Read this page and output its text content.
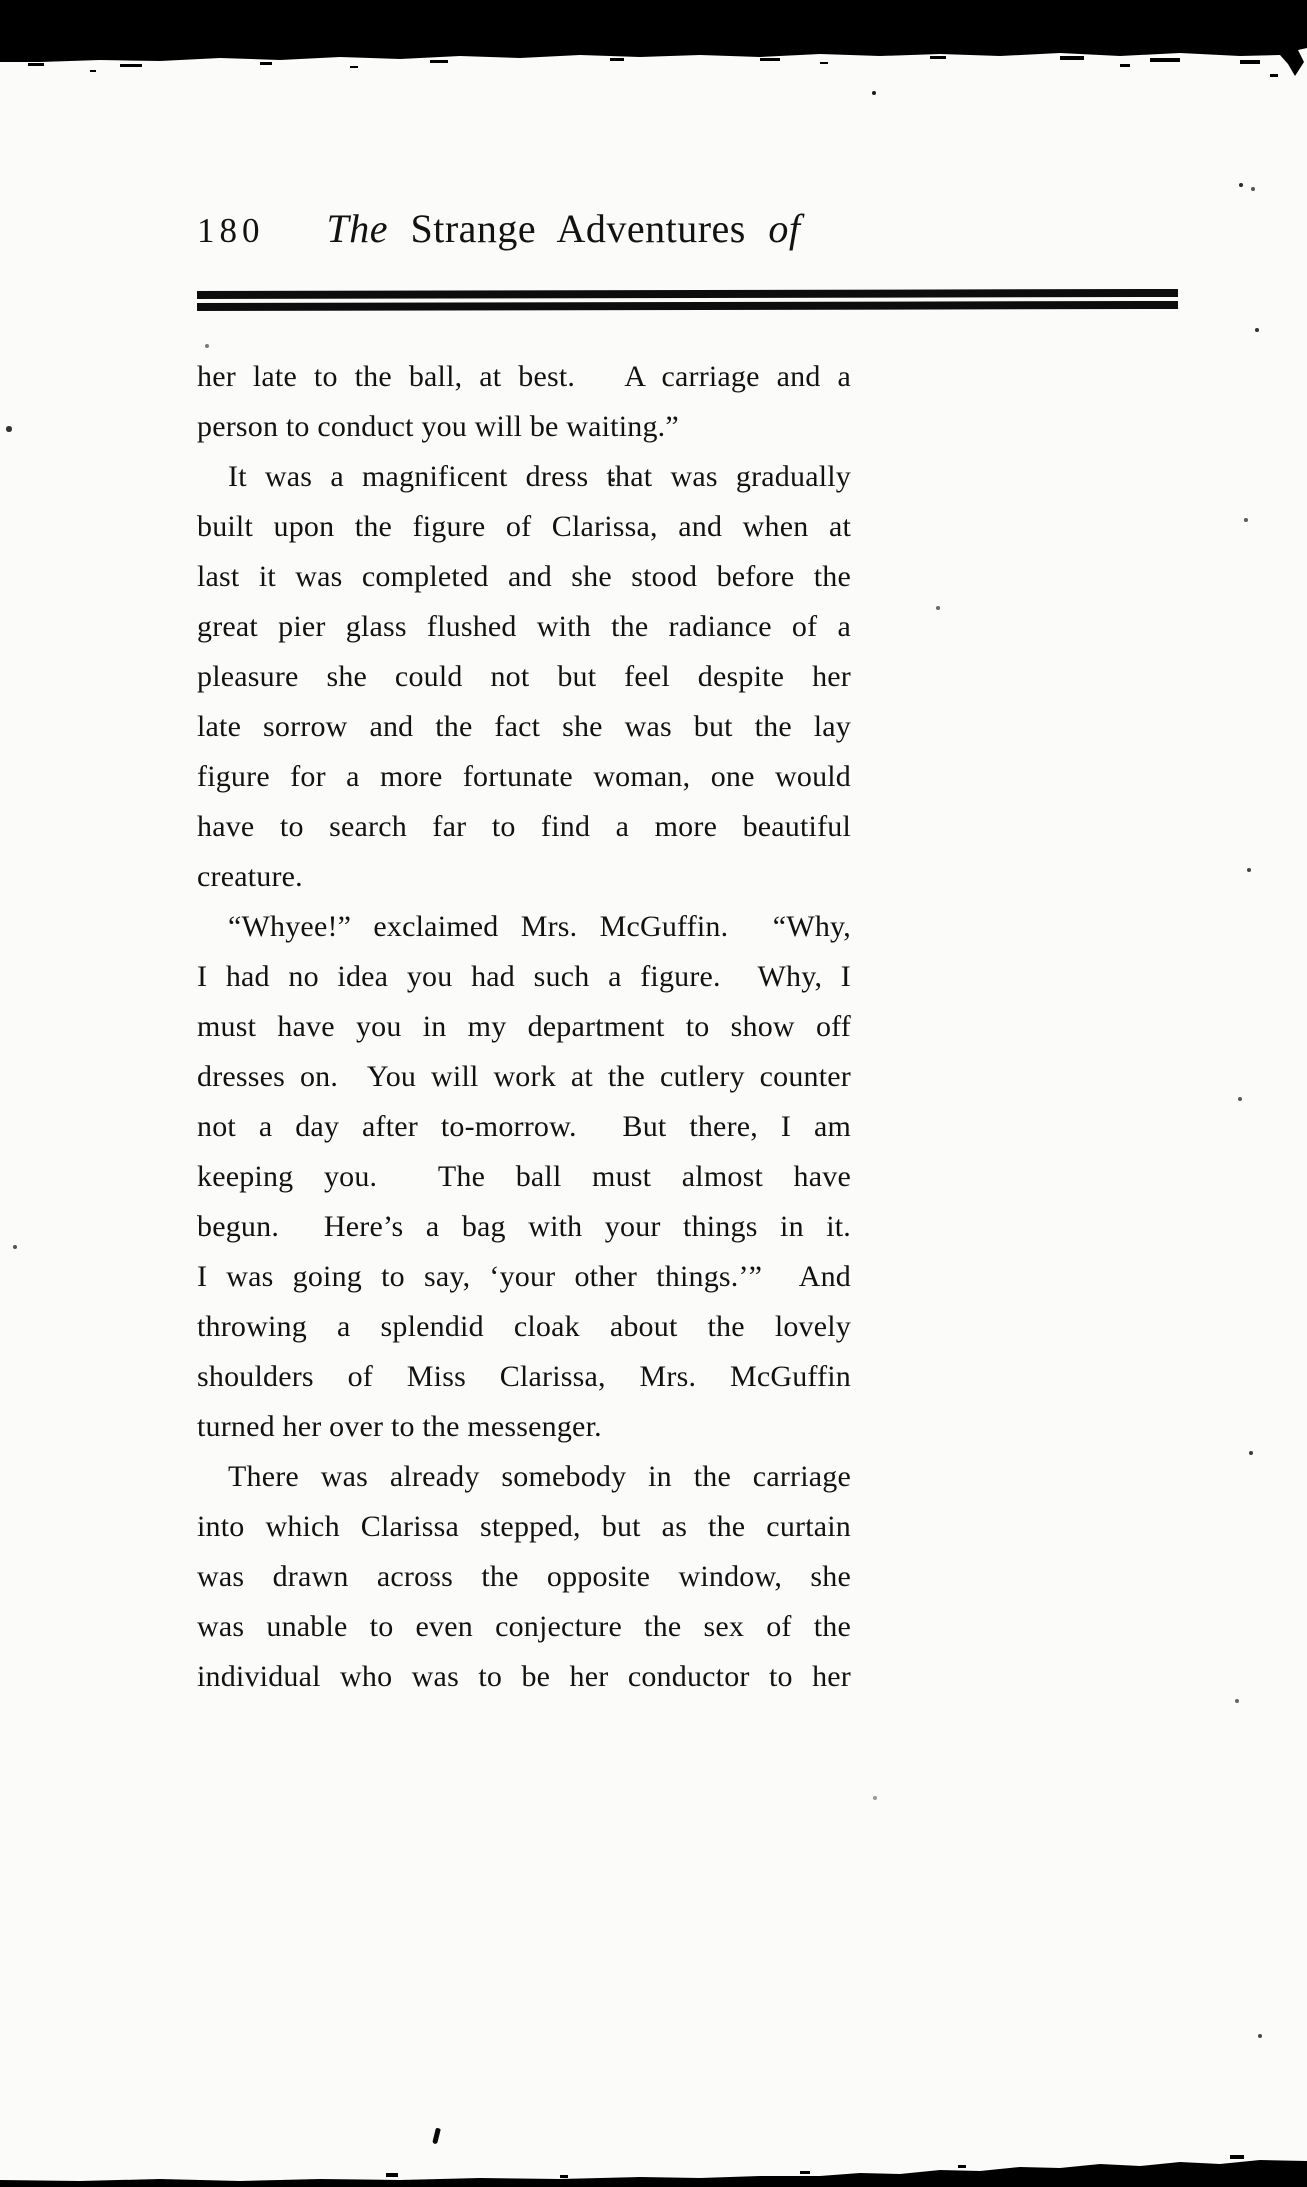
180 The Strange Adventures of
her late to the ball, at best.   A carriage and a
person to conduct you will be waiting.”
It was a magnificent dress that was gradually
built upon the figure of Clarissa, and when at
last it was completed and she stood before the
great pier glass flushed with the radiance of a
pleasure she could not but feel despite her
late sorrow and the fact she was but the lay
figure for a more fortunate woman, one would
have to search far to find a more beautiful
creature.
“Whyee!” exclaimed Mrs. McGuffin.  “Why,
I had no idea you had such a figure.  Why, I
must have you in my department to show off
dresses on.  You will work at the cutlery counter
not a day after to-morrow.  But there, I am
keeping you.  The ball must almost have
begun.  Here’s a bag with your things in it.
I was going to say, ‘your other things.’”  And
throwing a splendid cloak about the lovely
shoulders of Miss Clarissa, Mrs. McGuffin
turned her over to the messenger.
There was already somebody in the carriage
into which Clarissa stepped, but as the curtain
was drawn across the opposite window, she
was unable to even conjecture the sex of the
individual who was to be her conductor to her
